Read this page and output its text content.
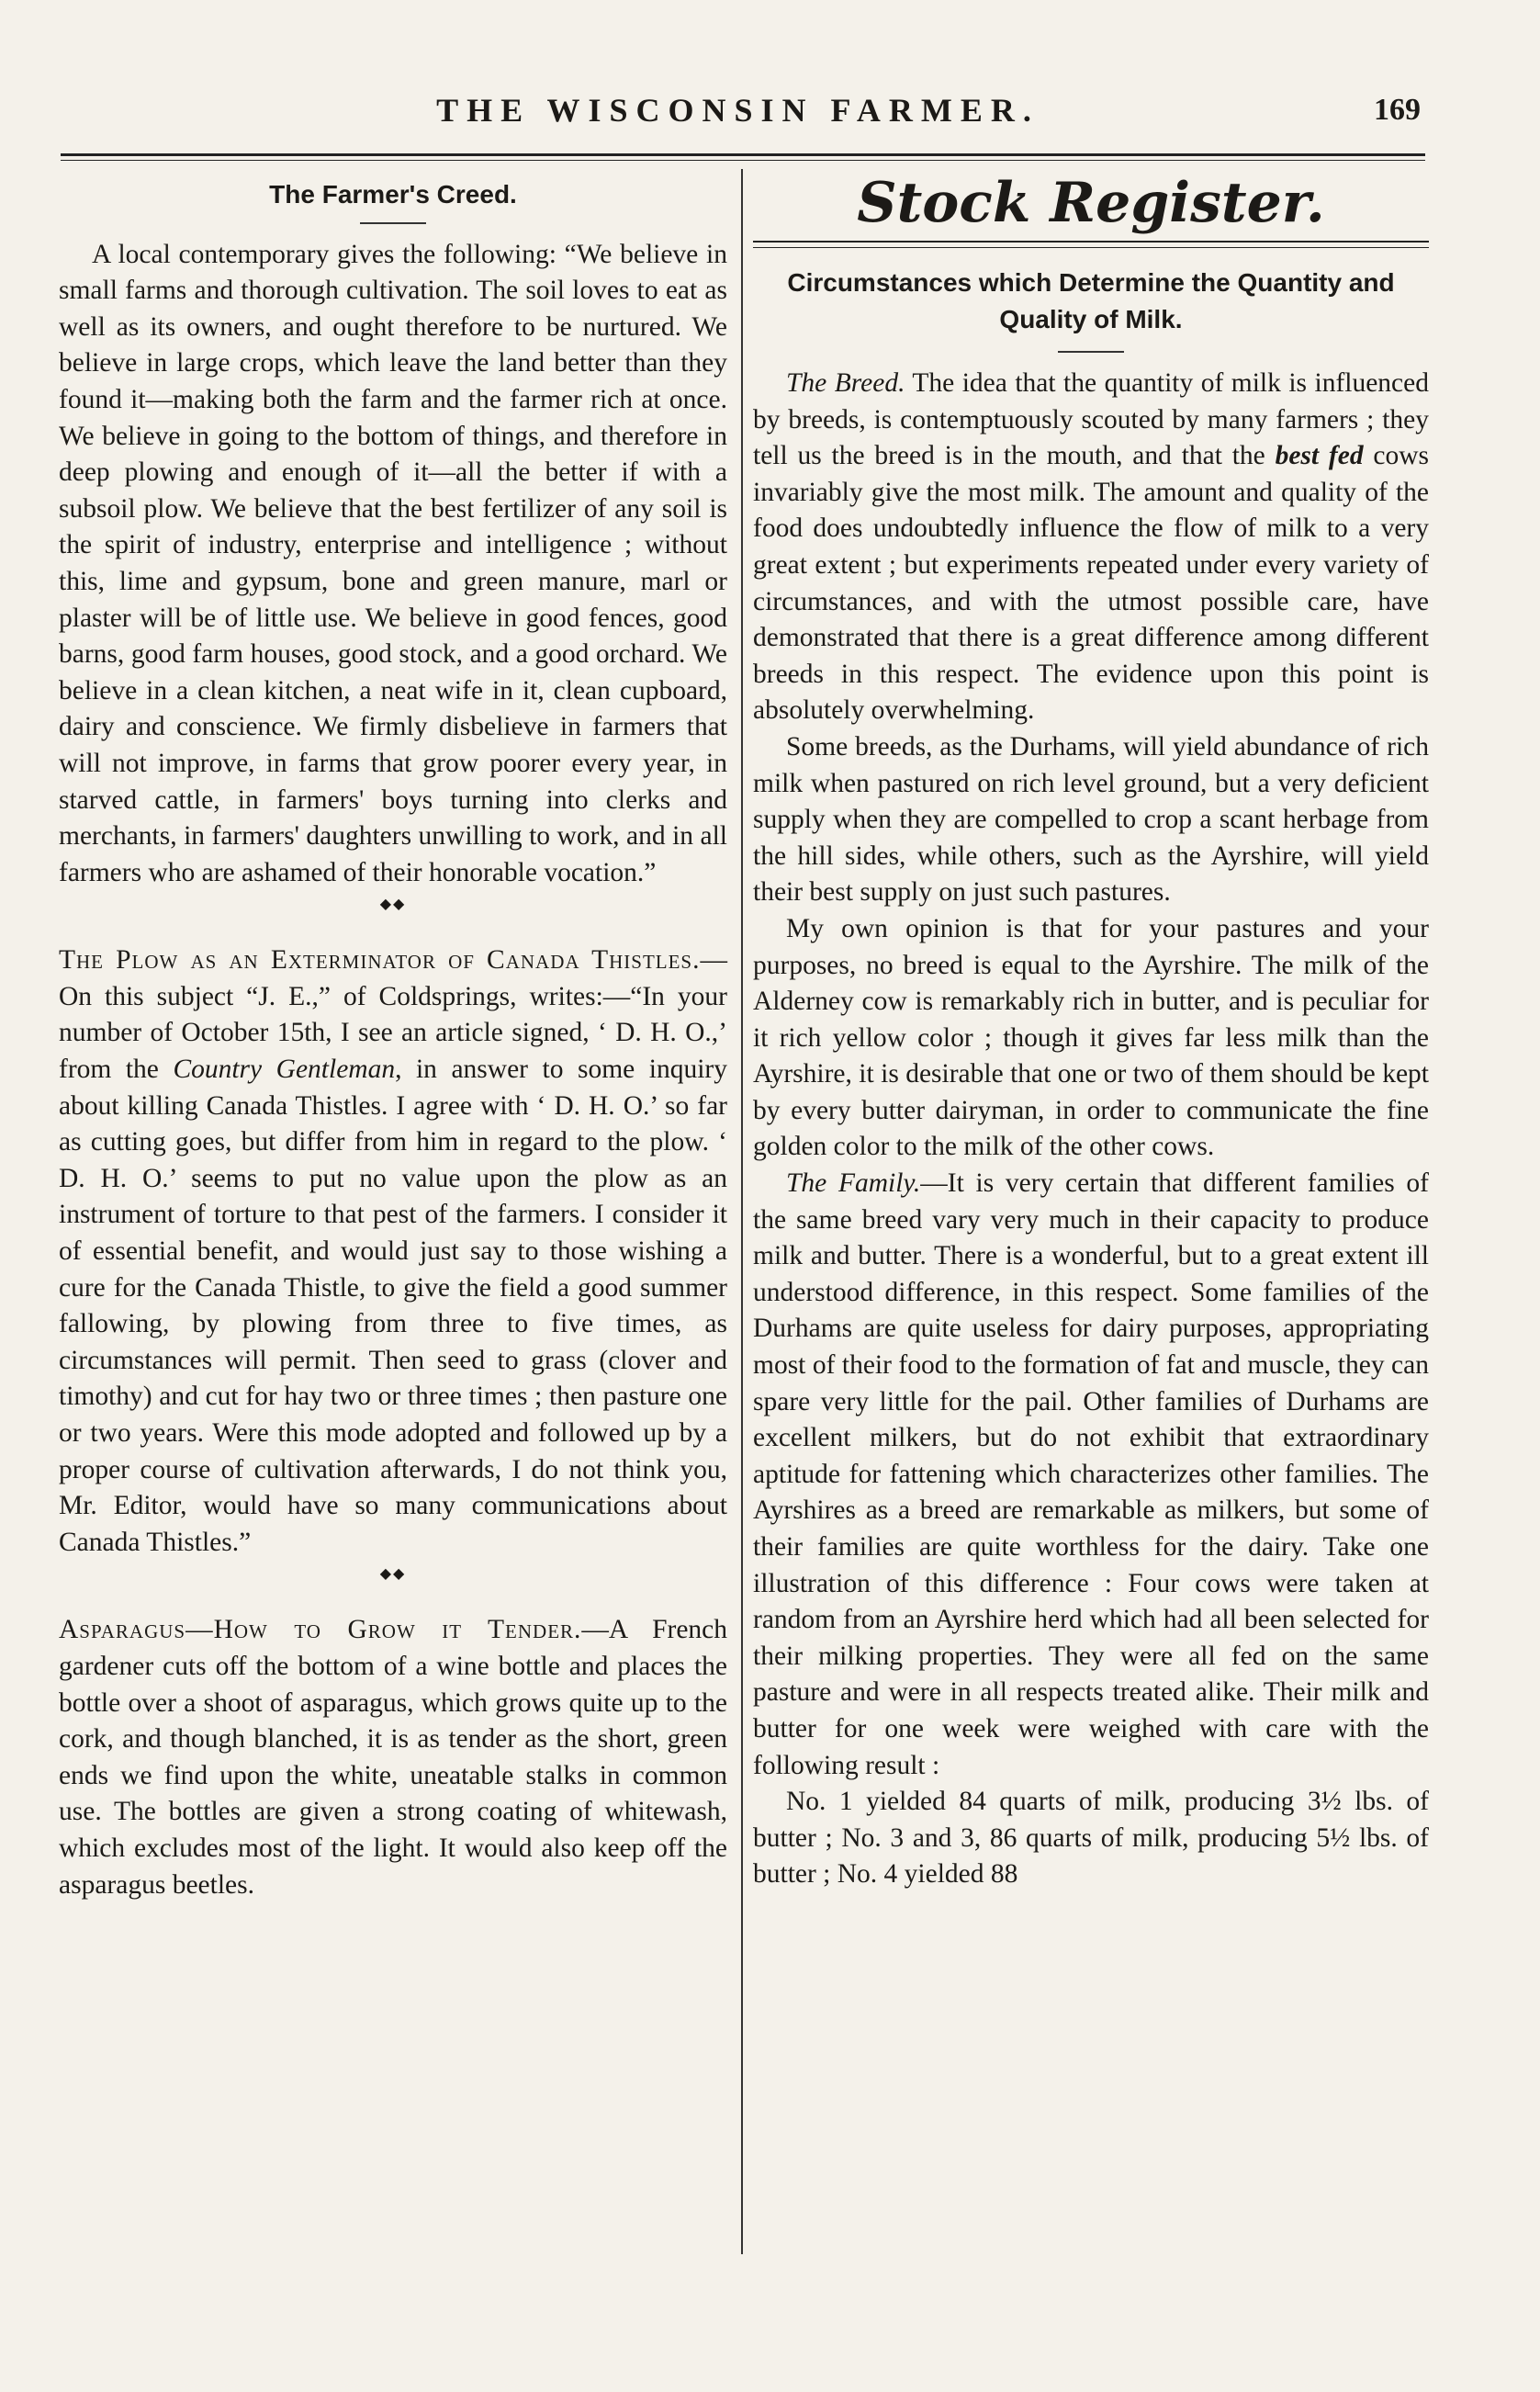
THE WISCONSIN FARMER.	169
The Farmer's Creed.

A local contemporary gives the following: “We believe in small farms and thorough cultivation. The soil loves to eat as well as its owners, and ought therefore to be nurtured. We believe in large crops, which leave the land better than they found it—making both the farm and the farmer rich at once. We believe in going to the bottom of things, and therefore in deep plowing and enough of it—all the better if with a subsoil plow. We believe that the best fertilizer of any soil is the spirit of industry, enterprise and intelligence ; without this, lime and gypsum, bone and green manure, marl or plaster will be of little use. We believe in good fences, good barns, good farm houses, good stock, and a good orchard. We believe in a clean kitchen, a neat wife in it, clean cupboard, dairy and conscience. We firmly disbelieve in farmers that will not improve, in farms that grow poorer every year, in starved cattle, in farmers' boys turning into clerks and merchants, in farmers' daughters unwilling to work, and in all farmers who are ashamed of their honorable vocation.”

◆◆

The Plow as an Exterminator of Canada Thistles.—On this subject “J. E.,” of Coldsprings, writes:—“In your number of October 15th, I see an article signed, ‘ D. H. O.,’ from the Country Gentleman, in answer to some inquiry about killing Canada Thistles. I agree with ‘ D. H. O.’ so far as cutting goes, but differ from him in regard to the plow. ‘ D. H. O.’ seems to put no value upon the plow as an instrument of torture to that pest of the farmers. I consider it of essential benefit, and would just say to those wishing a cure for the Canada Thistle, to give the field a good summer fallowing, by plowing from three to five times, as circumstances will permit. Then seed to grass (clover and timothy) and cut for hay two or three times ; then pasture one or two years. Were this mode adopted and followed up by a proper course of cultivation afterwards, I do not think you, Mr. Editor, would have so many communications about Canada Thistles.”

◆◆

Asparagus—How to Grow it Tender.—A French gardener cuts off the bottom of a wine bottle and places the bottle over a shoot of asparagus, which grows quite up to the cork, and though blanched, it is as tender as the short, green ends we find upon the white, uneatable stalks in common use. The bottles are given a strong coating of whitewash, which excludes most of the light. It would also keep off the asparagus beetles.

Stock Register.
Circumstances which Determine the Quantity and Quality of Milk.

The Breed. The idea that the quantity of milk is influenced by breeds, is contemptuously scouted by many farmers ; they tell us the breed is in the mouth, and that the best fed cows invariably give the most milk. The amount and quality of the food does undoubtedly influence the flow of milk to a very great extent ; but experiments repeated under every variety of circumstances, and with the utmost possible care, have demonstrated that there is a great difference among different breeds in this respect. The evidence upon this point is absolutely overwhelming.

Some breeds, as the Durhams, will yield abundance of rich milk when pastured on rich level ground, but a very deficient supply when they are compelled to crop a scant herbage from the hill sides, while others, such as the Ayrshire, will yield their best supply on just such pastures.

My own opinion is that for your pastures and your purposes, no breed is equal to the Ayrshire. The milk of the Alderney cow is remarkably rich in butter, and is peculiar for it rich yellow color ; though it gives far less milk than the Ayrshire, it is desirable that one or two of them should be kept by every butter dairyman, in order to communicate the fine golden color to the milk of the other cows.

The Family.—It is very certain that different families of the same breed vary very much in their capacity to produce milk and butter. There is a wonderful, but to a great extent ill understood difference, in this respect. Some families of the Durhams are quite useless for dairy purposes, appropriating most of their food to the formation of fat and muscle, they can spare very little for the pail. Other families of Durhams are excellent milkers, but do not exhibit that extraordinary aptitude for fattening which characterizes other families. The Ayrshires as a breed are remarkable as milkers, but some of their families are quite worthless for the dairy. Take one illustration of this difference : Four cows were taken at random from an Ayrshire herd which had all been selected for their milking properties. They were all fed on the same pasture and were in all respects treated alike. Their milk and butter for one week were weighed with care with the following result :

No. 1 yielded 84 quarts of milk, producing 3½ lbs. of butter ; No. 3 and 3, 86 quarts of milk, producing 5½ lbs. of butter ; No. 4 yielded 88
